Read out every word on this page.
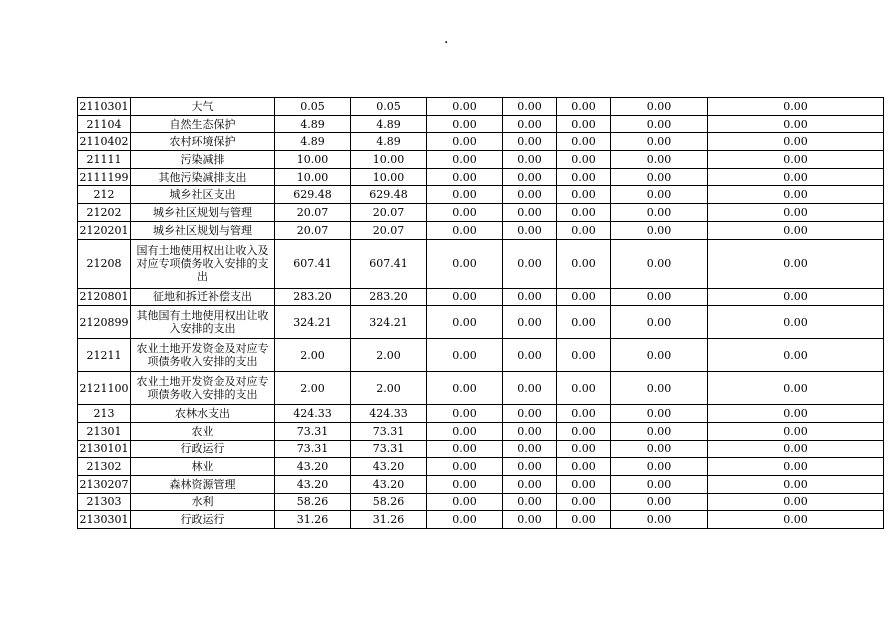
.
2110301	大气	0.05	0.05	0.00	0.00	0.00	0.00	0.00
21104	自然生态保护	4.89	4.89	0.00	0.00	0.00	0.00	0.00
2110402	农村环境保护	4.89	4.89	0.00	0.00	0.00	0.00	0.00
21111	污染减排	10.00	10.00	0.00	0.00	0.00	0.00	0.00
2111199	其他污染减排支出	10.00	10.00	0.00	0.00	0.00	0.00	0.00
212	城乡社区支出	629.48	629.48	0.00	0.00	0.00	0.00	0.00
21202	城乡社区规划与管理	20.07	20.07	0.00	0.00	0.00	0.00	0.00
2120201	城乡社区规划与管理	20.07	20.07	0.00	0.00	0.00	0.00	0.00
21208	国有土地使用权出让收入及对应专项债务收入安排的支出	607.41	607.41	0.00	0.00	0.00	0.00	0.00
2120801	征地和拆迁补偿支出	283.20	283.20	0.00	0.00	0.00	0.00	0.00
2120899	其他国有土地使用权出让收入安排的支出	324.21	324.21	0.00	0.00	0.00	0.00	0.00
21211	农业土地开发资金及对应专项债务收入安排的支出	2.00	2.00	0.00	0.00	0.00	0.00	0.00
2121100	农业土地开发资金及对应专项债务收入安排的支出	2.00	2.00	0.00	0.00	0.00	0.00	0.00
213	农林水支出	424.33	424.33	0.00	0.00	0.00	0.00	0.00
21301	农业	73.31	73.31	0.00	0.00	0.00	0.00	0.00
2130101	行政运行	73.31	73.31	0.00	0.00	0.00	0.00	0.00
21302	林业	43.20	43.20	0.00	0.00	0.00	0.00	0.00
2130207	森林资源管理	43.20	43.20	0.00	0.00	0.00	0.00	0.00
21303	水利	58.26	58.26	0.00	0.00	0.00	0.00	0.00
2130301	行政运行	31.26	31.26	0.00	0.00	0.00	0.00	0.00
